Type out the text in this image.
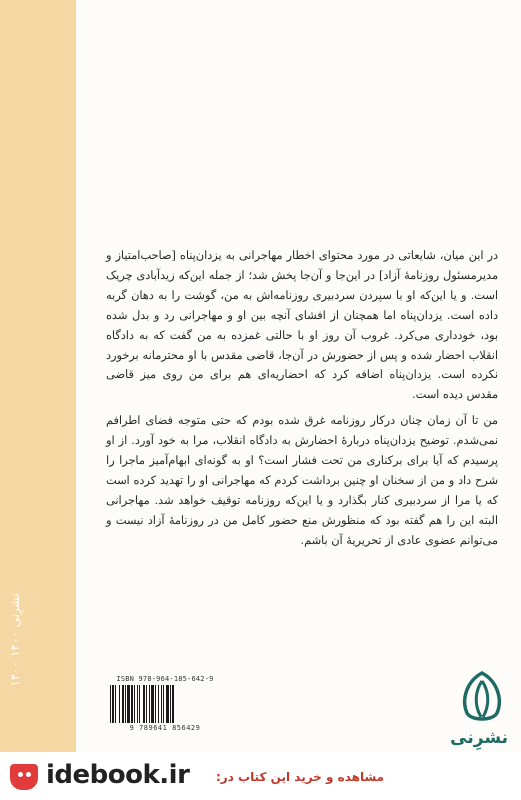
نشرِنی ۱۴۰۰ ۱۴۰۰

در این میان، شایعاتی در مورد محتوای اخطار مهاجرانی به یزدان‌پناه [صاحب‌امتیاز و مدیرمسئول روزنامهٔ آزاد] در این‌جا و آن‌جا پخش شد؛ از جمله این‌که زیدآبادی چریک است. و یا این‌که او با سپردن سردبیری روزنامه‌اش به من، گوشت را به دهان گربه داده است. یزدان‌پناه اما همچنان از افشای آنچه بین او و مهاجرانی رد و بدل شده بود، خودداری می‌کرد. غروب آن روز او با حالتی غمزده به من گفت که به دادگاه انقلاب احضار شده و پس از حضورش در آن‌جا، قاضی مقدس با او محترمانه برخورد نکرده است. یزدان‌پناه اضافه کرد که احضاریه‌ای هم برای من روی میز قاضی مقدس دیده است.

من تا آن زمان چنان درکار روزنامه غرق شده بودم که حتی متوجه فضای اطرافم نمی‌شدم. توضیح یزدان‌پناه دربارهٔ احضارش به دادگاه انقلاب، مرا به خود آورد. از او پرسیدم که آیا برای برکناری من تحت فشار است؟ او به گونه‌ای ابهام‌آمیز ماجرا را شرح داد و من از سخنان او چنین برداشت کردم که مهاجرانی او را تهدید کرده است که یا مرا از سردبیری کنار بگذارد و یا این‌که روزنامه توقیف خواهد شد. مهاجرانی البته این را هم گفته بود که منظورش منع حضور کامل من در روزنامهٔ آزاد نیست و می‌توانم عضوی عادی از تحریریهٔ آن باشم.

ISBN 978-964-185-642-9
9 789641 856429	نشرِنی
idebook.ir مشاهده و خرید این کتاب در:
